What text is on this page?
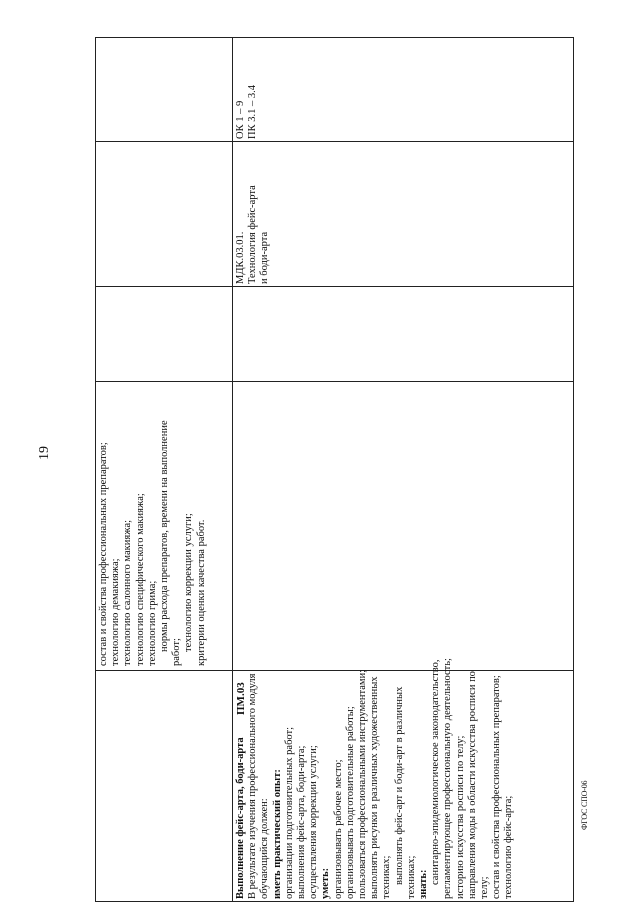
19	состав и свойства профессиональных препаратов; технологию демакияжа; технологию салонного макияжа; технологию специфического макияжа; технологию грима; нормы расхода препаратов, времени на выполнение
работ;
технологию коррекции услуги; критерии оценки качества работ.
ПМ.03
Выполнение фейс-арта, боди-арта В результате изучения профессионального модуля обучающийся должен: иметь практический опыт: организации подготовительных работ; выполнения фейс-арта, боди-арта; осуществления коррекции услуги; уметь: организовывать рабочее место; организовывать подготовительные работы; пользоваться профессиональными инструментами; выполнять рисунки в различных художественных техниках; выполнять фейс-арт и боди-арт в различных техниках; знать: санитарно-эпидемиологическое законодательство, регламентирующее профессиональную деятельность; историю искусства росписи по телу; направления моды в области искусства росписи по телу; состав и свойства профессиональных препаратов; технологию фейс-арта;
МДК.03.01. Технология фейс-арта и боди-арта
ОК 1 – 9 ПК 3.1 – 3.4
ФГОС СПО-06
